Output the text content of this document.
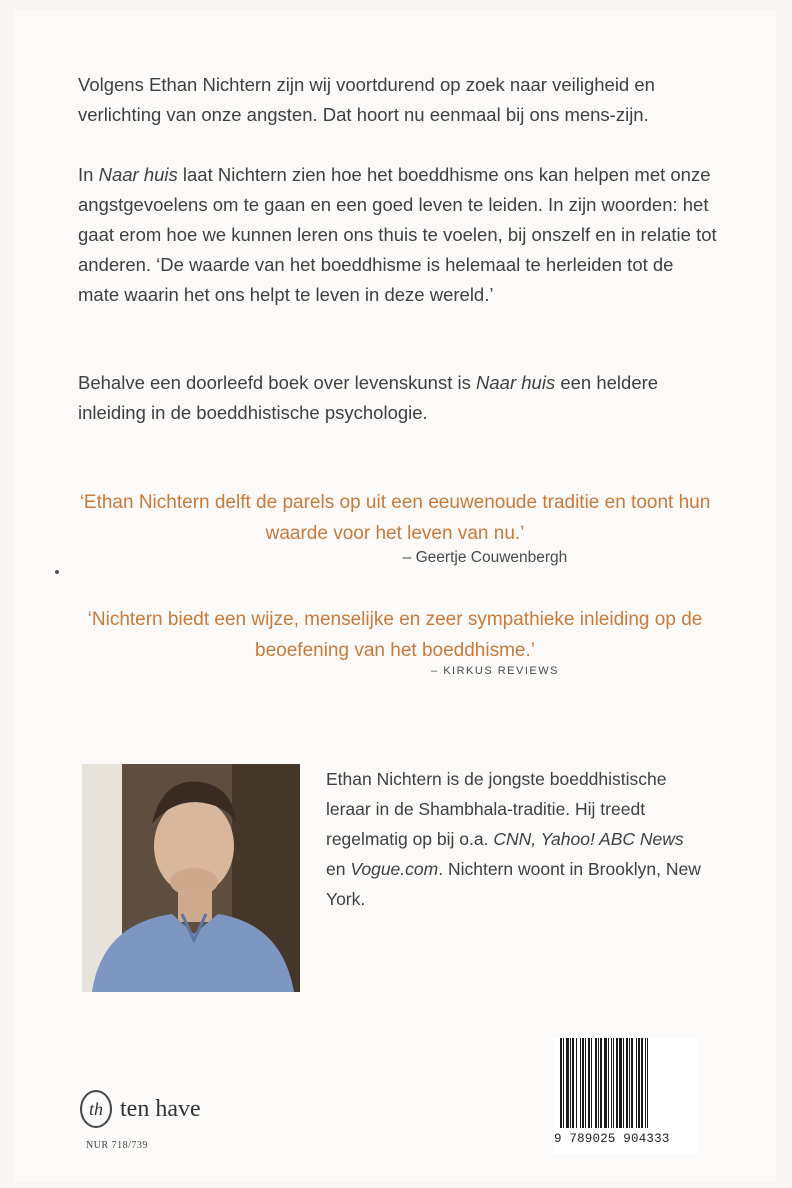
Volgens Ethan Nichtern zijn wij voortdurend op zoek naar veiligheid en verlichting van onze angsten. Dat hoort nu eenmaal bij ons mens-zijn.

In Naar huis laat Nichtern zien hoe het boeddhisme ons kan helpen met onze angstgevoelens om te gaan en een goed leven te leiden. In zijn woorden: het gaat erom hoe we kunnen leren ons thuis te voelen, bij onszelf en in relatie tot anderen. ‘De waarde van het boeddhisme is helemaal te herleiden tot de mate waarin het ons helpt te leven in deze wereld.’

Behalve een doorleefd boek over levenskunst is Naar huis een heldere inleiding in de boeddhistische psychologie.

‘Ethan Nichtern delft de parels op uit een eeuwenoude traditie en toont hun waarde voor het leven van nu.’

– Geertje Couwenbergh

‘Nichtern biedt een wijze, menselijke en zeer sympathieke inleiding op de beoefening van het boeddhisme.’

– KIRKUS REVIEWS

Ethan Nichtern is de jongste boeddhistische leraar in de Shambhala-traditie. Hij treedt regelmatig op bij o.a. CNN, Yahoo! ABC News en Vogue.com. Nichtern woont in Brooklyn, New York.

th ten have
NUR 718/739	9 789025 904333
